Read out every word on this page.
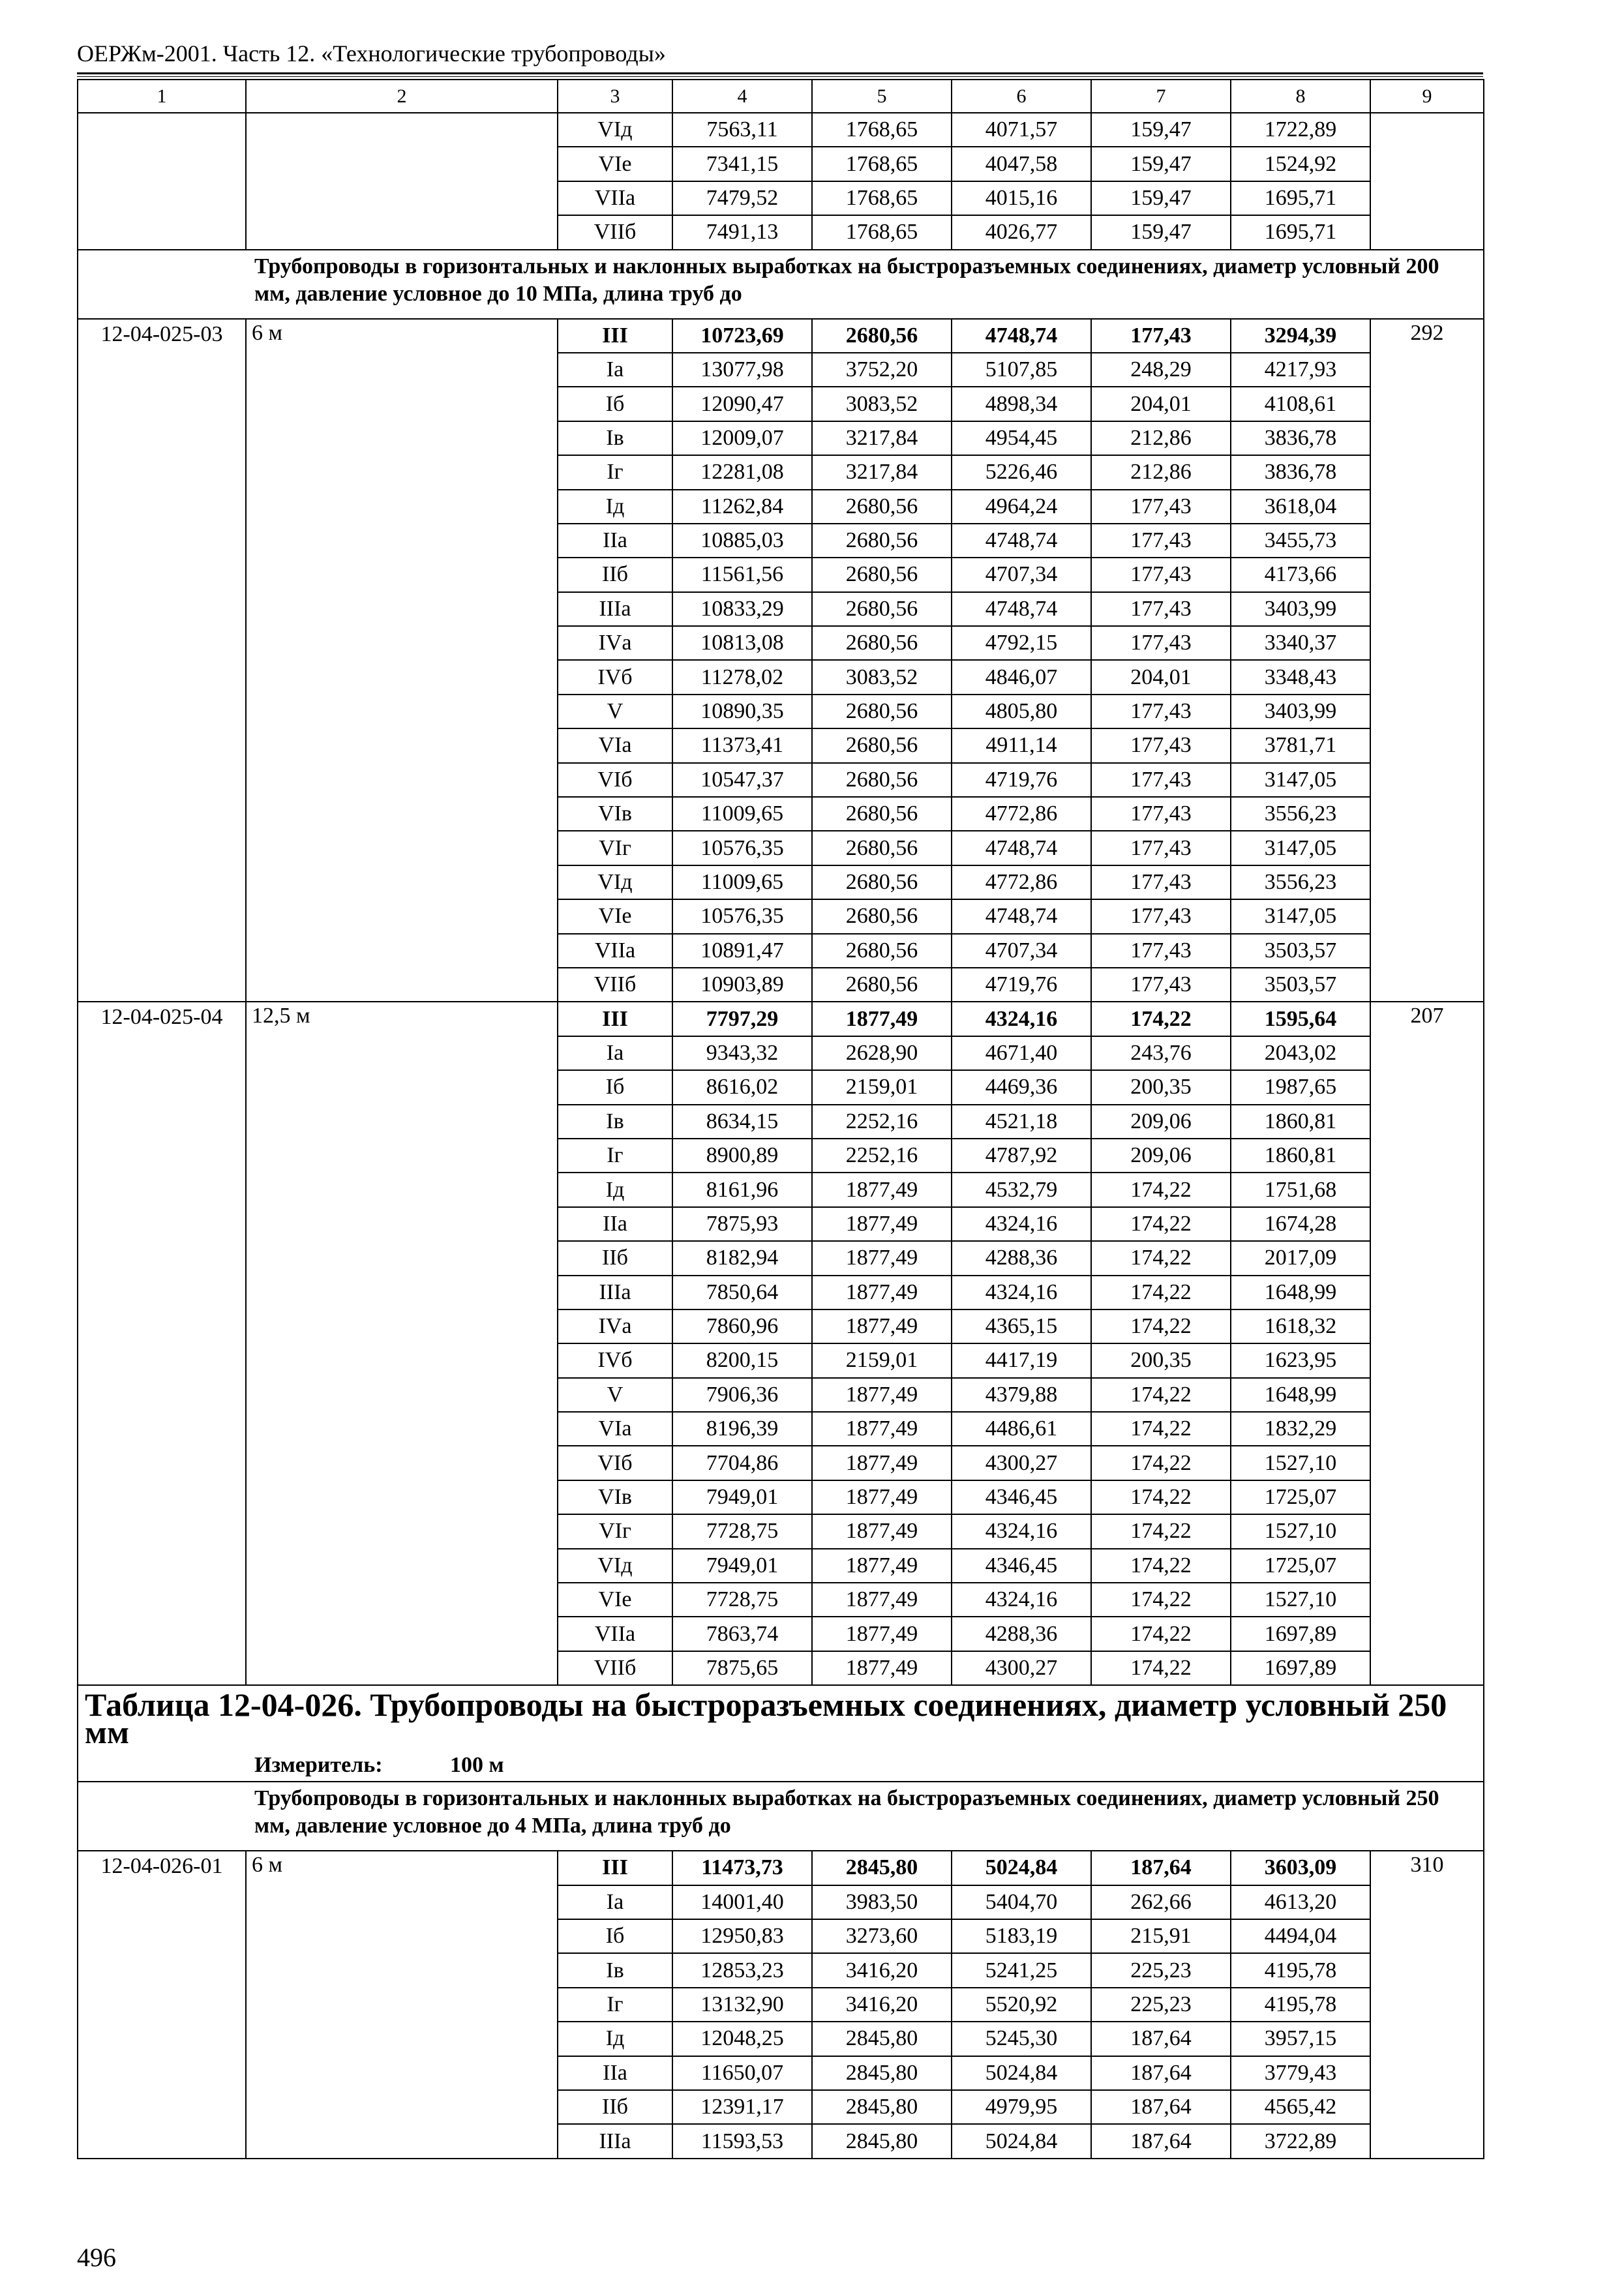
ОЕРЖм-2001. Часть 12. «Технологические трубопроводы»
1	2	3	4	5	6	7	8	9
		VIд	7563,11	1768,65	4071,57	159,47	1722,89	
		VIе	7341,15	1768,65	4047,58	159,47	1524,92	
		VIIа	7479,52	1768,65	4015,16	159,47	1695,71	
		VIIб	7491,13	1768,65	4026,77	159,47	1695,71	
Трубопроводы в горизонтальных и наклонных выработках на быстроразъемных соединениях, диаметр условный 200 мм, давление условное до 10 МПа, длина труб до								
12-04-025-03	6 м	III	10723,69	2680,56	4748,74	177,43	3294,39	292
		Iа	13077,98	3752,20	5107,85	248,29	4217,93	
		Iб	12090,47	3083,52	4898,34	204,01	4108,61	
		Iв	12009,07	3217,84	4954,45	212,86	3836,78	
		Iг	12281,08	3217,84	5226,46	212,86	3836,78	
		Iд	11262,84	2680,56	4964,24	177,43	3618,04	
		IIа	10885,03	2680,56	4748,74	177,43	3455,73	
		IIб	11561,56	2680,56	4707,34	177,43	4173,66	
		IIIа	10833,29	2680,56	4748,74	177,43	3403,99	
		IVа	10813,08	2680,56	4792,15	177,43	3340,37	
		IVб	11278,02	3083,52	4846,07	204,01	3348,43	
		V	10890,35	2680,56	4805,80	177,43	3403,99	
		VIа	11373,41	2680,56	4911,14	177,43	3781,71	
		VIб	10547,37	2680,56	4719,76	177,43	3147,05	
		VIв	11009,65	2680,56	4772,86	177,43	3556,23	
		VIг	10576,35	2680,56	4748,74	177,43	3147,05	
		VIд	11009,65	2680,56	4772,86	177,43	3556,23	
		VIе	10576,35	2680,56	4748,74	177,43	3147,05	
		VIIа	10891,47	2680,56	4707,34	177,43	3503,57	
		VIIб	10903,89	2680,56	4719,76	177,43	3503,57	
12-04-025-04	12,5 м	III	7797,29	1877,49	4324,16	174,22	1595,64	207
		Iа	9343,32	2628,90	4671,40	243,76	2043,02	
		Iб	8616,02	2159,01	4469,36	200,35	1987,65	
		Iв	8634,15	2252,16	4521,18	209,06	1860,81	
		Iг	8900,89	2252,16	4787,92	209,06	1860,81	
		Iд	8161,96	1877,49	4532,79	174,22	1751,68	
		IIа	7875,93	1877,49	4324,16	174,22	1674,28	
		IIб	8182,94	1877,49	4288,36	174,22	2017,09	
		IIIа	7850,64	1877,49	4324,16	174,22	1648,99	
		IVа	7860,96	1877,49	4365,15	174,22	1618,32	
		IVб	8200,15	2159,01	4417,19	200,35	1623,95	
		V	7906,36	1877,49	4379,88	174,22	1648,99	
		VIа	8196,39	1877,49	4486,61	174,22	1832,29	
		VIб	7704,86	1877,49	4300,27	174,22	1527,10	
		VIв	7949,01	1877,49	4346,45	174,22	1725,07	
		VIг	7728,75	1877,49	4324,16	174,22	1527,10	
		VIд	7949,01	1877,49	4346,45	174,22	1725,07	
		VIе	7728,75	1877,49	4324,16	174,22	1527,10	
		VIIа	7863,74	1877,49	4288,36	174,22	1697,89	
		VIIб	7875,65	1877,49	4300,27	174,22	1697,89	

Таблица 12-04-026. Трубопроводы на быстроразъемных соединениях, диаметр условный 250 мм
Измеритель: 100 м								

Трубопроводы в горизонтальных и наклонных выработках на быстроразъемных соединениях, диаметр условный 250 мм, давление условное до 4 МПа, длина труб до								
12-04-026-01	6 м	III	11473,73	2845,80	5024,84	187,64	3603,09	310
		Iа	14001,40	3983,50	5404,70	262,66	4613,20	
		Iб	12950,83	3273,60	5183,19	215,91	4494,04	
		Iв	12853,23	3416,20	5241,25	225,23	4195,78	
		Iг	13132,90	3416,20	5520,92	225,23	4195,78	
		Iд	12048,25	2845,80	5245,30	187,64	3957,15	
		IIа	11650,07	2845,80	5024,84	187,64	3779,43	
		IIб	12391,17	2845,80	4979,95	187,64	4565,42	
		IIIа	11593,53	2845,80	5024,84	187,64	3722,89	
496
